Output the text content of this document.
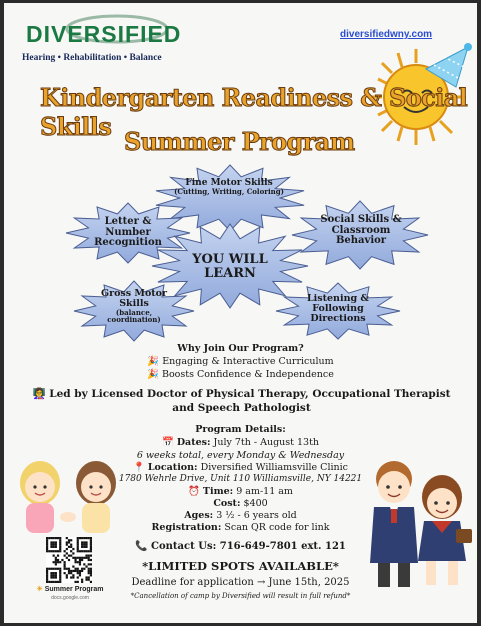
DIVERSIFIED
Hearing • Rehabilitation • Balance
diversifiedwny.com
Kindergarten Readiness & Social Skills
Summer Program
Fine Motor Skills
(Cutting, Writing, Coloring)
Letter & Number Recognition
Social Skills & Classroom Behavior
YOU WILL LEARN
Gross Motor Skills
(balance, coordination)
Listening & Following Directions
Why Join Our Program?
🎉 Engaging & Interactive Curriculum
🎉 Boosts Confidence & Independence
👩‍🏫 Led by Licensed Doctor of Physical Therapy, Occupational Therapist and Speech Pathologist
Program Details:
📅 Dates: July 7th - August 13th
6 weeks total, every Monday & Wednesday
📍 Location: Diversified Williamsville Clinic
1780 Wehrle Drive, Unit 110 Williamsville, NY 14221
⏰ Time: 9 am-11 am
Cost: $400
Ages: 3 ½ - 6 years old
Registration: Scan QR code for link
📞 Contact Us: 716-649-7801 ext. 121
*LIMITED SPOTS AVAILABLE*
Deadline for application → June 15th, 2025
*Cancellation of camp by Diversified will result in full refund*
☀ Summer Program
docs.google.com
